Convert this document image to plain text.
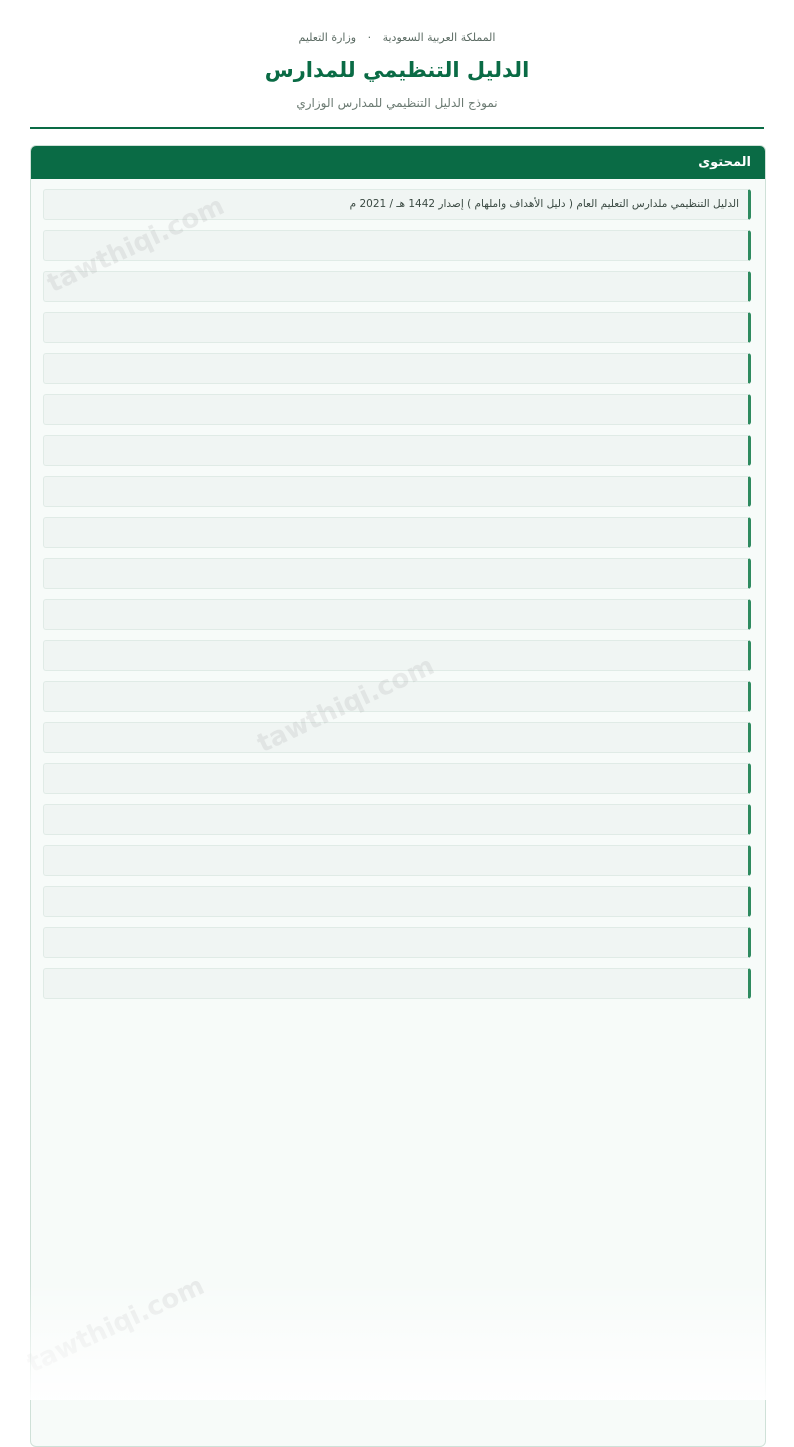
المملكة العربية السعودية · وزارة التعليم
الدليل التنظيمي للمدارس
نموذج الدليل التنظيمي للمدارس الوزاري
المحتوى
الدليل التنظيمي ملدارس التعليم العام ( دليل الأهداف واملهام ) إصدار 1442 هـ / 2021 م
